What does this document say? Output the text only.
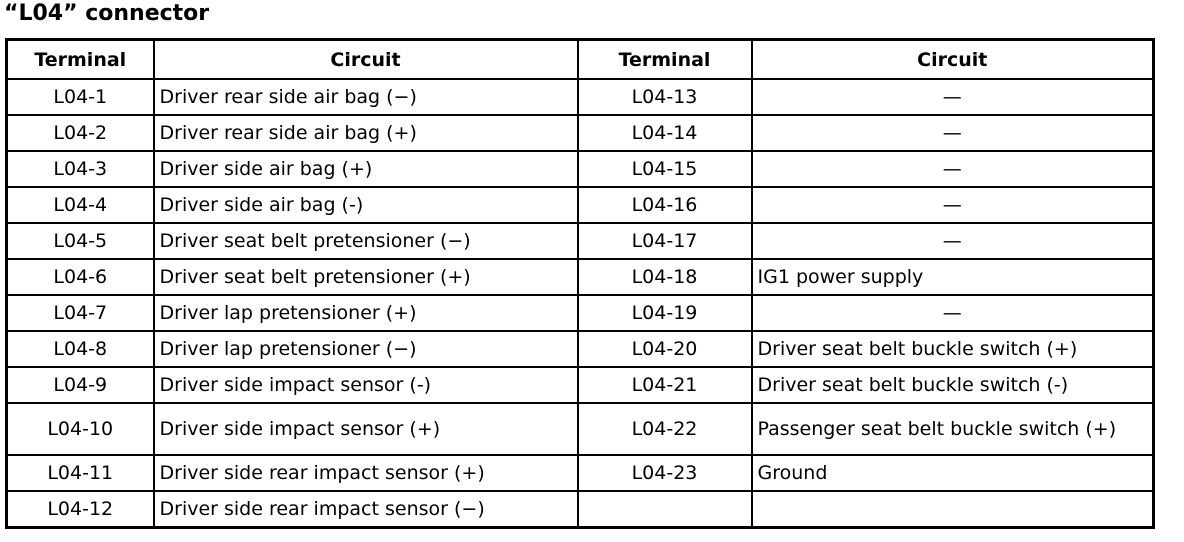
“L04” connector
Terminal	Circuit	Terminal	Circuit
L04-1	Driver rear side air bag (−)	L04-13	—
L04-2	Driver rear side air bag (+)	L04-14	—
L04-3	Driver side air bag (+)	L04-15	—
L04-4	Driver side air bag (-)	L04-16	—
L04-5	Driver seat belt pretensioner (−)	L04-17	—
L04-6	Driver seat belt pretensioner (+)	L04-18	IG1 power supply
L04-7	Driver lap pretensioner (+)	L04-19	—
L04-8	Driver lap pretensioner (−)	L04-20	Driver seat belt buckle switch (+)
L04-9	Driver side impact sensor (-)	L04-21	Driver seat belt buckle switch (-)
L04-10	Driver side impact sensor (+)	L04-22	Passenger seat belt buckle switch (+)
L04-11	Driver side rear impact sensor (+)	L04-23	Ground
L04-12	Driver side rear impact sensor (−)		
